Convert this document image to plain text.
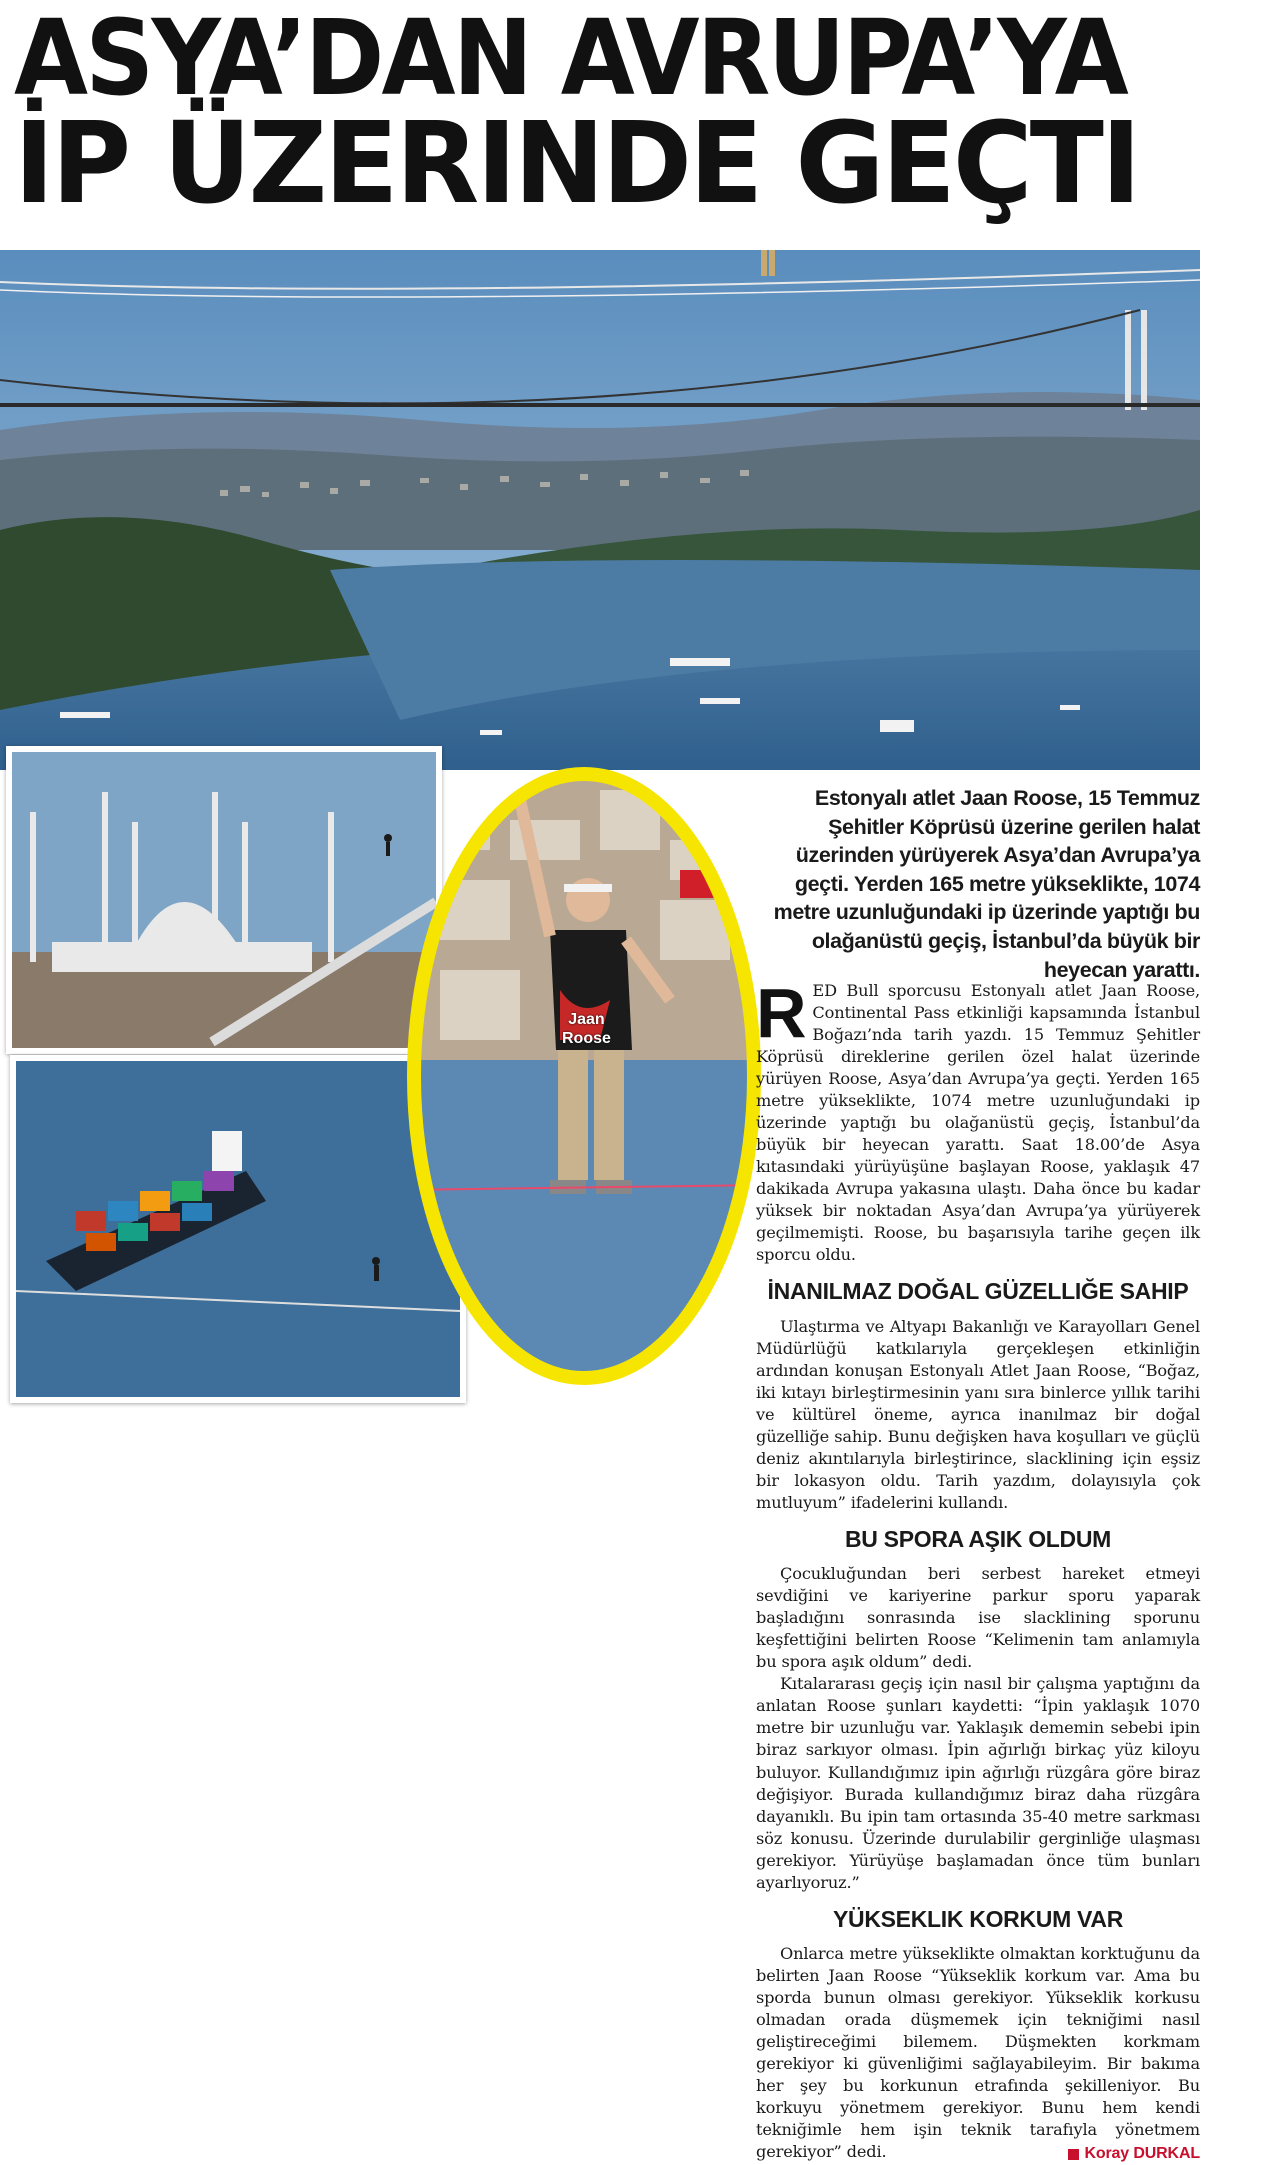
ASYA’DAN AVRUPA’YA
İP ÜZERINDE GEÇTI
Jaan
Roose

Estonyalı atlet Jaan Roose, 15 Temmuz Şehitler Köprüsü üzerine gerilen halat üzerinden yürüyerek Asya’dan Avrupa’ya geçti. Yerden 165 metre yükseklikte, 1074 metre uzunluğundaki ip üzerinde yaptığı bu olağanüstü geçiş, İstanbul’da büyük bir heyecan yarattı.

RED Bull sporcusu Estonyalı atlet Jaan Roose, Continental Pass etkinliği kapsamında İstanbul Boğazı’nda tarih yazdı. 15 Temmuz Şehitler Köprüsü direklerine gerilen özel halat üzerinde yürüyen Roose, Asya’dan Avrupa’ya geçti. Yerden 165 metre yükseklikte, 1074 metre uzunluğundaki ip üzerinde yaptığı bu olağanüstü geçiş, İstanbul’da büyük bir heyecan yarattı. Saat 18.00’de Asya kıtasındaki yürüyüşüne başlayan Roose, yaklaşık 47 dakikada Avrupa yakasına ulaştı. Daha önce bu kadar yüksek bir noktadan Asya’dan Avrupa’ya yürüyerek geçilmemişti. Roose, bu başarısıyla tarihe geçen ilk sporcu oldu.

İNANILMAZ DOĞAL GÜZELLIĞE SAHIP

Ulaştırma ve Altyapı Bakanlığı ve Karayolları Genel Müdürlüğü katkılarıyla gerçekleşen etkinliğin ardından konuşan Estonyalı Atlet Jaan Roose, “Boğaz, iki kıtayı birleştirmesinin yanı sıra binlerce yıllık tarihi ve kültürel öneme, ayrıca inanılmaz bir doğal güzelliğe sahip. Bunu değişken hava koşulları ve güçlü deniz akıntılarıyla birleştirince, slacklining için eşsiz bir lokasyon oldu. Tarih yazdım, dolayısıyla çok mutluyum” ifadelerini kullandı.

BU SPORA AŞIK OLDUM

Çocukluğundan beri serbest hareket etmeyi sevdiğini ve kariyerine parkur sporu yaparak başladığını sonrasında ise slacklining sporunu keşfettiğini belirten Roose “Kelimenin tam anlamıyla bu spora aşık oldum” dedi.

Kıtalararası geçiş için nasıl bir çalışma yaptığını da anlatan Roose şunları kaydetti: “İpin yaklaşık 1070 metre bir uzunluğu var. Yaklaşık dememin sebebi ipin biraz sarkıyor olması. İpin ağırlığı birkaç yüz kiloyu buluyor. Kullandığımız ipin ağırlığı rüzgâra göre biraz değişiyor. Burada kullandığımız biraz daha rüzgâra dayanıklı. Bu ipin tam ortasında 35-40 metre sarkması söz konusu. Üzerinde durulabilir gerginliğe ulaşması gerekiyor. Yürüyüşe başlamadan önce tüm bunları ayarlıyoruz.”

YÜKSEKLIK KORKUM VAR

Onlarca metre yükseklikte olmaktan korktuğunu da belirten Jaan Roose “Yükseklik korkum var. Ama bu sporda bunun olması gerekiyor. Yükseklik korkusu olmadan orada düşmemek için tekniğimi nasıl geliştireceğimi bilemem. Düşmekten korkmam gerekiyor ki güvenliğimi sağlayabileyim. Bir bakıma her şey bu korkunun etrafında şekilleniyor. Bu korkuyu yönetmem gerekiyor. Bunu hem kendi tekniğimle hem işin teknik tarafıyla yönetmem gerekiyor” dedi.	Koray DURKAL
